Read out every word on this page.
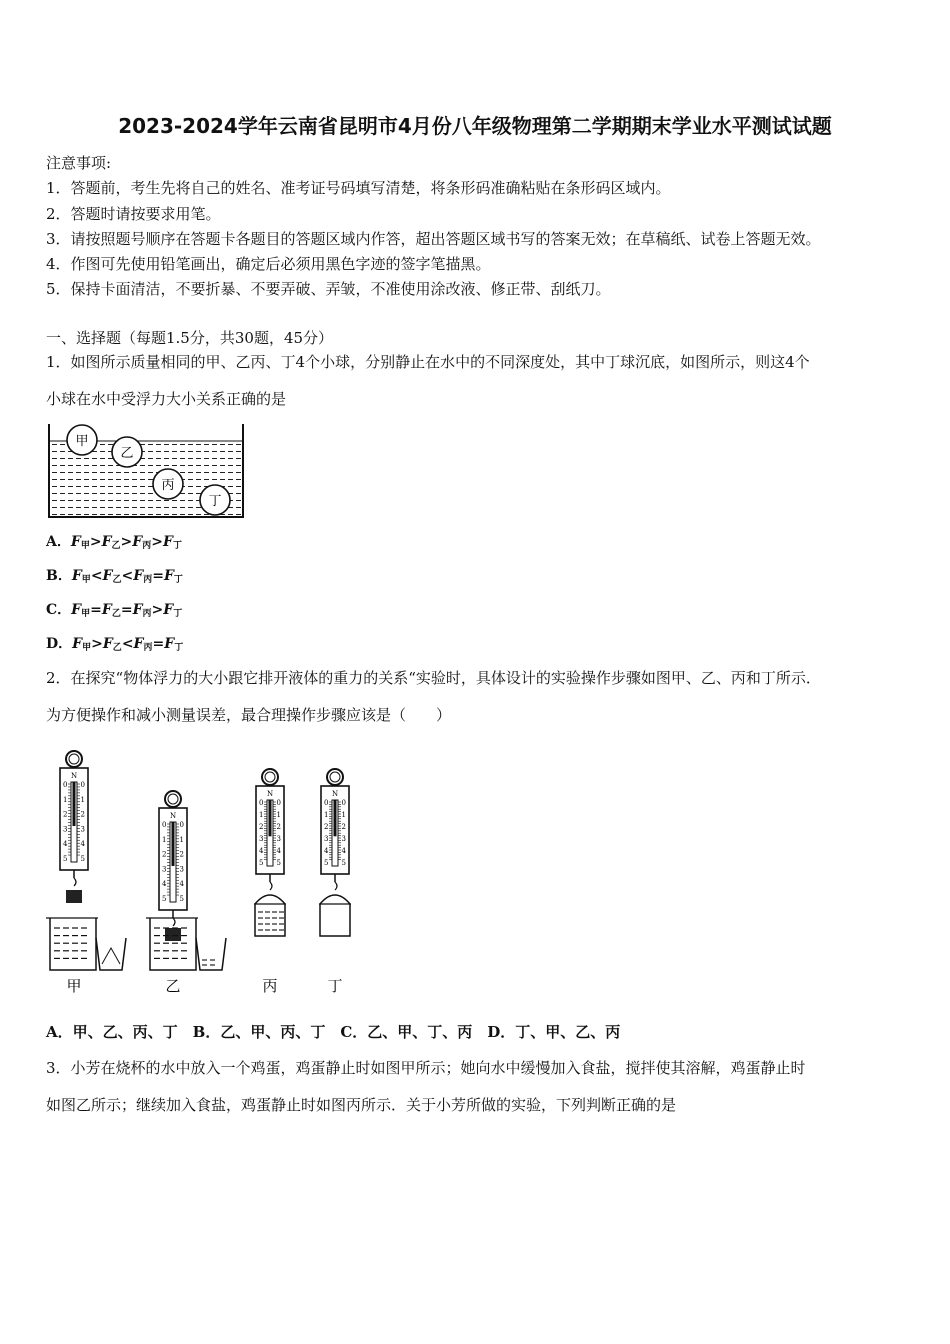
2023-2024学年云南省昆明市4月份八年级物理第二学期期末学业水平测试试题
注意事项:
1．答题前，考生先将自己的姓名、准考证号码填写清楚，将条形码准确粘贴在条形码区域内。
2．答题时请按要求用笔。
3．请按照题号顺序在答题卡各题目的答题区域内作答，超出答题区域书写的答案无效；在草稿纸、试卷上答题无效。
4．作图可先使用铅笔画出，确定后必须用黑色字迹的签字笔描黑。
5．保持卡面清洁，不要折暴、不要弄破、弄皱，不准使用涂改液、修正带、刮纸刀。
一、选择题（每题1.5分，共30题，45分）
1．如图所示质量相同的甲、乙丙、丁4个小球，分别静止在水中的不同深度处，其中丁球沉底，如图所示，则这4个
小球在水中受浮力大小关系正确的是
甲
乙
丙
丁
A．$F_甲>F_乙>F_丙>F_丁$
B．$F_甲<F_乙<F_丙=F_丁$
C．$F_甲=F_乙=F_丙>F_丁$
D．$F_甲>F_乙<F_丙=F_丁$
2．在探究“物体浮力的大小跟它排开液体的重力的关系“实验时，具体设计的实验操作步骤如图甲、乙、丙和丁所示．
为方便操作和减小测量误差，最合理操作步骤应该是（　　）
N
0 0
1 1
2 2
3 3
4 4
5 5
甲
N
0 0
1 1
2 2
3 3
4 4
5 5
乙
N
0 0
1 1
2 2
3 3
4 4
5 5
丙
N
0 0
1 1
2 2
3 3
4 4
5 5
丁
A．甲、乙、丙、丁　B．乙、甲、丙、丁　C．乙、甲、丁、丙　D．丁、甲、乙、丙
3．小芳在烧杯的水中放入一个鸡蛋，鸡蛋静止时如图甲所示；她向水中缓慢加入食盐，搅拌使其溶解，鸡蛋静止时
如图乙所示；继续加入食盐，鸡蛋静止时如图丙所示．关于小芳所做的实验，下列判断正确的是
